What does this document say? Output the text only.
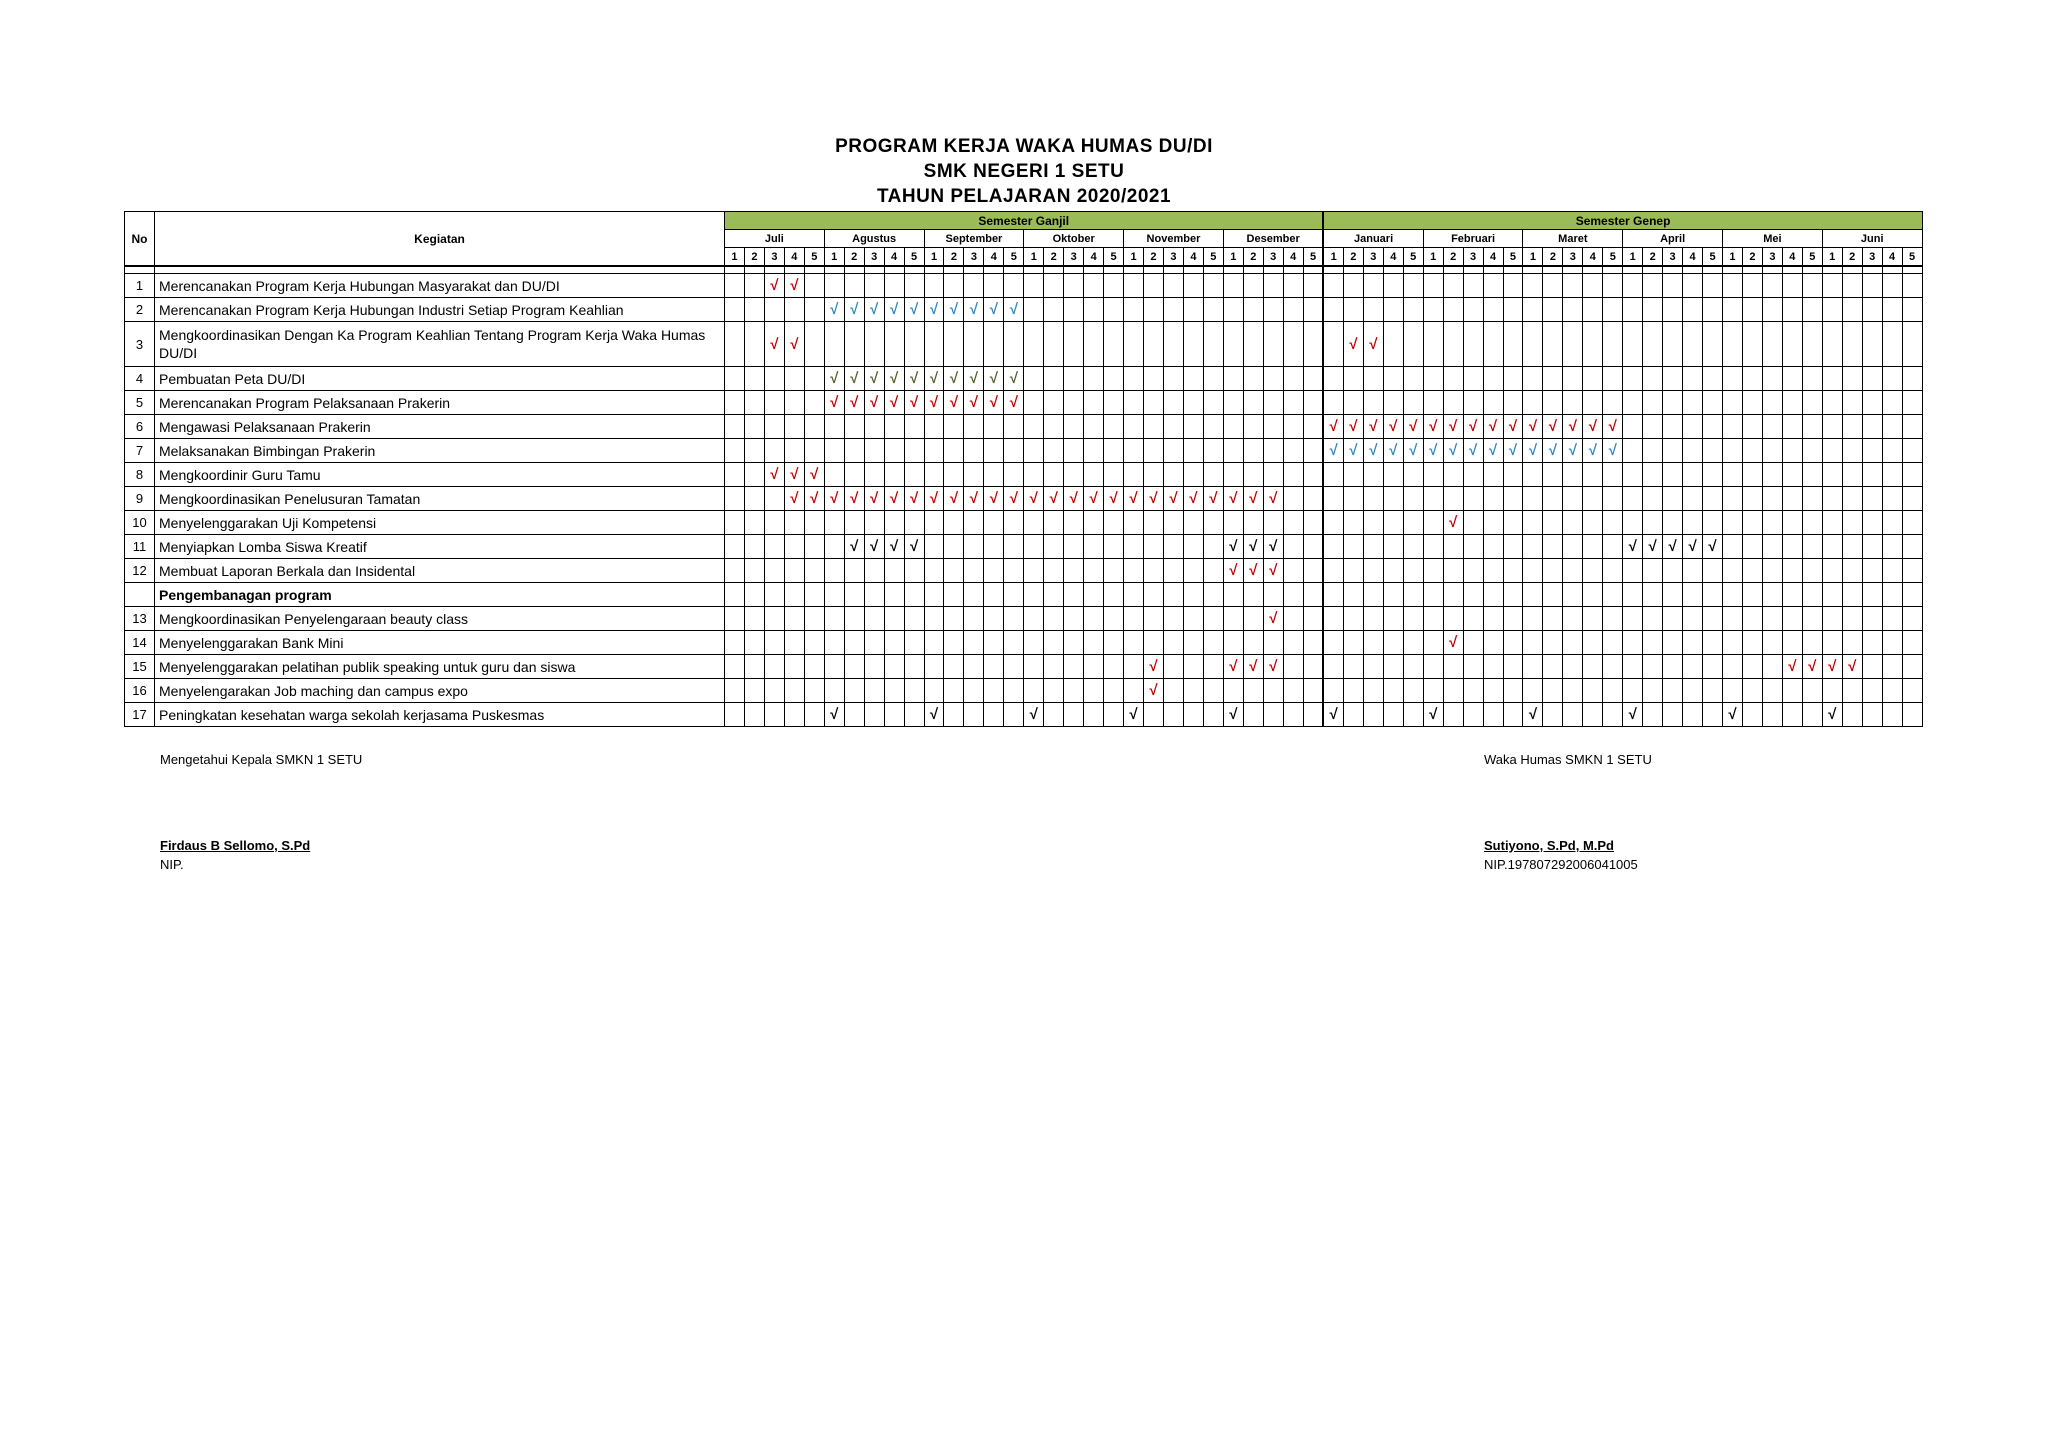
PROGRAM KERJA WAKA HUMAS DU/DI
SMK NEGERI 1 SETU
TAHUN PELAJARAN 2020/2021
No	Kegiatan	Semester Ganjil																														Semester Genep																													
		Juli					Agustus					September					Oktober					November					Desember					Januari					Februari					Maret					April					Mei					Juni				
		1	2	3	4	5	1	2	3	4	5	1	2	3	4	5	1	2	3	4	5	1	2	3	4	5	1	2	3	4	5	1	2	3	4	5	1	2	3	4	5	1	2	3	4	5	1	2	3	4	5	1	2	3	4	5	1	2	3	4	5

1	Merencanakan Program Kerja Hubungan Masyarakat dan DU/DI			√	√																																																								
2	Merencanakan Program Kerja Hubungan Industri Setiap Program Keahlian						√	√	√	√	√	√	√	√	√	√																																													
3	Mengkoordinasikan Dengan Ka Program Keahlian Tentang Program Kerja Waka Humas DU/DI			√	√																												√	√																											
4	Pembuatan Peta DU/DI						√	√	√	√	√	√	√	√	√	√																																													
5	Merencanakan Program Pelaksanaan Prakerin						√	√	√	√	√	√	√	√	√	√																																													
6	Mengawasi Pelaksanaan Prakerin																															√	√	√	√	√	√	√	√	√	√	√	√	√	√	√															
7	Melaksanakan Bimbingan Prakerin																															√	√	√	√	√	√	√	√	√	√	√	√	√	√	√															
8	Mengkoordinir Guru Tamu			√	√	√																																																							
9	Mengkoordinasikan Penelusuran Tamatan				√	√	√	√	√	√	√	√	√	√	√	√	√	√	√	√	√	√	√	√	√	√	√	√	√																																
10	Menyelenggarakan Uji Kompetensi																																					√																							
11	Menyiapkan Lomba Siswa Kreatif							√	√	√	√																√	√	√																		√	√	√	√	√										
12	Membuat Laporan Berkala dan Insidental																										√	√	√																																
	Pengembanagan program																																																												
13	Mengkoordinasikan Penyelengaraan beauty class																												√																																
14	Menyelenggarakan Bank Mini																																					√																							
15	Menyelenggarakan pelatihan publik speaking untuk guru dan siswa																						√				√	√	√																										√	√	√	√			
16	Menyelengarakan Job maching dan campus expo																						√																																						
17	Peningkatan kesehatan warga sekolah kerjasama Puskesmas						√					√					√					√					√					√					√					√					√					√					√				
Mengetahui Kepala SMKN 1 SETU
Firdaus B Sellomo, S.Pd
NIP.
Waka Humas SMKN 1 SETU
Sutiyono, S.Pd, M.Pd
NIP.197807292006041005
